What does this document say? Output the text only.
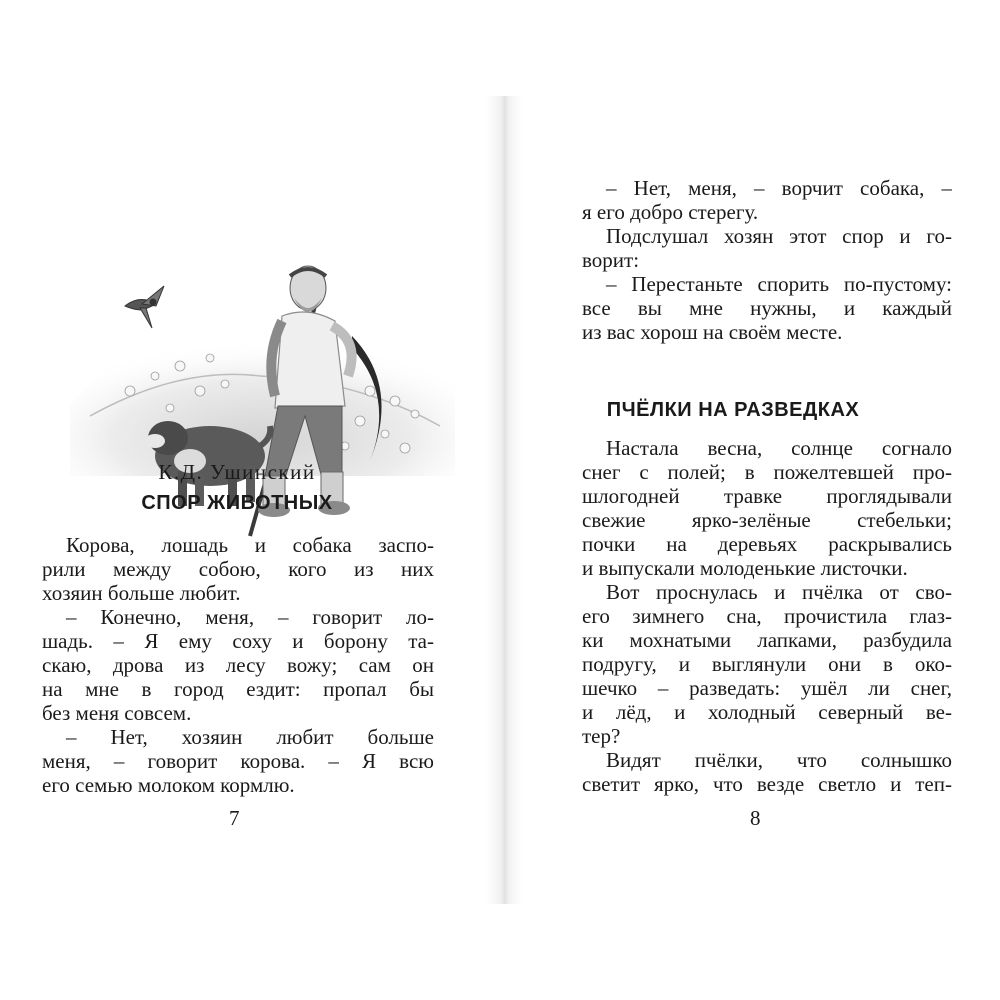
К.Д. Ушинский
СПОР ЖИВОТНЫХ
Корова, лошадь и собака заспо-
рили между собою, кого из них
хозяин больше любит.
– Конечно, меня, – говорит ло-
шадь. – Я ему соху и борону та-
скаю, дрова из лесу вожу; сам он
на мне в город ездит: пропал бы
без меня совсем.
– Нет, хозяин любит больше
меня, – говорит корова. – Я всю
его семью молоком кормлю.
7
– Нет, меня, – ворчит собака, –
я его добро стерегу.
Подслушал хозян этот спор и го-
ворит:
– Перестаньте спорить по-пустому:
все вы мне нужны, и каждый
из вас хорош на своём месте.
ПЧЁЛКИ НА РАЗВЕДКАХ
Настала весна, солнце согнало
снег с полей; в пожелтевшей про-
шлогодней травке проглядывали
свежие ярко-зелёные стебельки;
почки на деревьях раскрывались
и выпускали молоденькие листочки.
Вот проснулась и пчёлка от сво-
его зимнего сна, прочистила глаз-
ки мохнатыми лапками, разбудила
подругу, и выглянули они в око-
шечко – разведать: ушёл ли снег,
и лёд, и холодный северный ве-
тер?
Видят пчёлки, что солнышко
светит ярко, что везде светло и теп-
8
